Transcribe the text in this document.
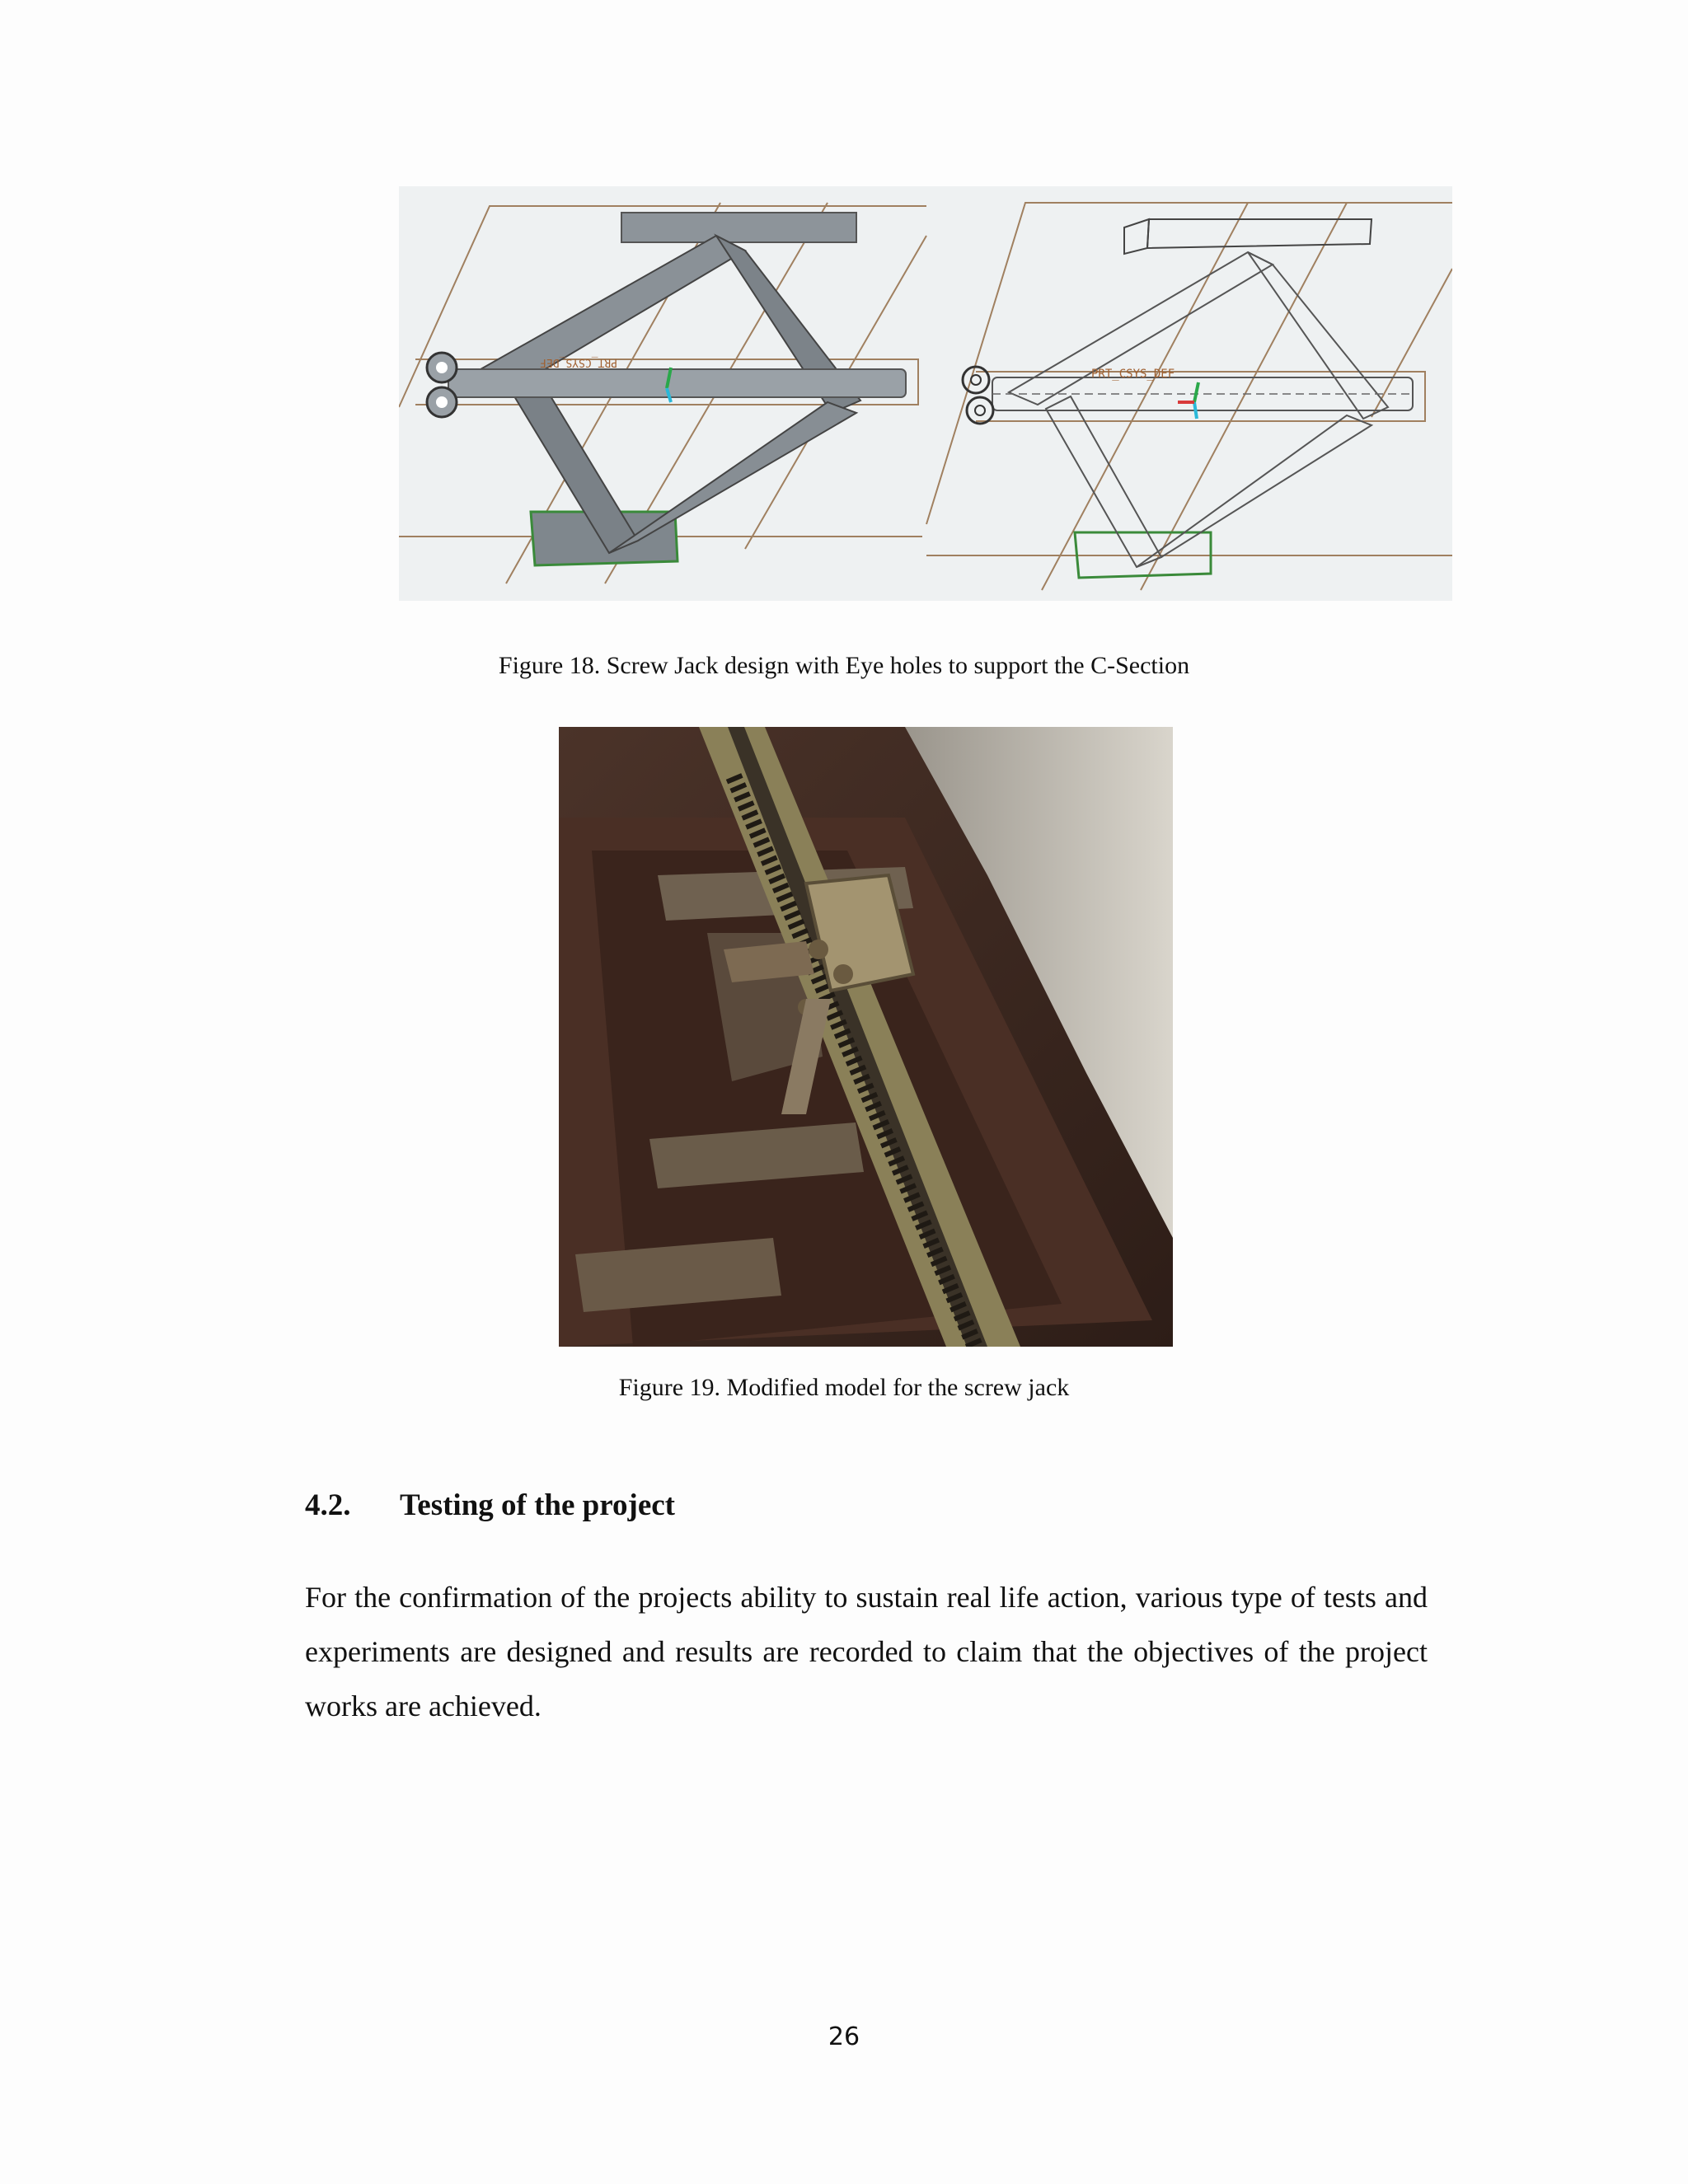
PRT_CSYS_DEF
PRT_CSYS_DEF
Figure 18. Screw Jack design with Eye holes to support the C-Section
Figure 19. Modified model for the screw jack
4.2. Testing of the project

For the confirmation of the projects ability to sustain real life action, various type of tests and experiments are designed and results are recorded to claim that the objectives of the project works are achieved.

26
